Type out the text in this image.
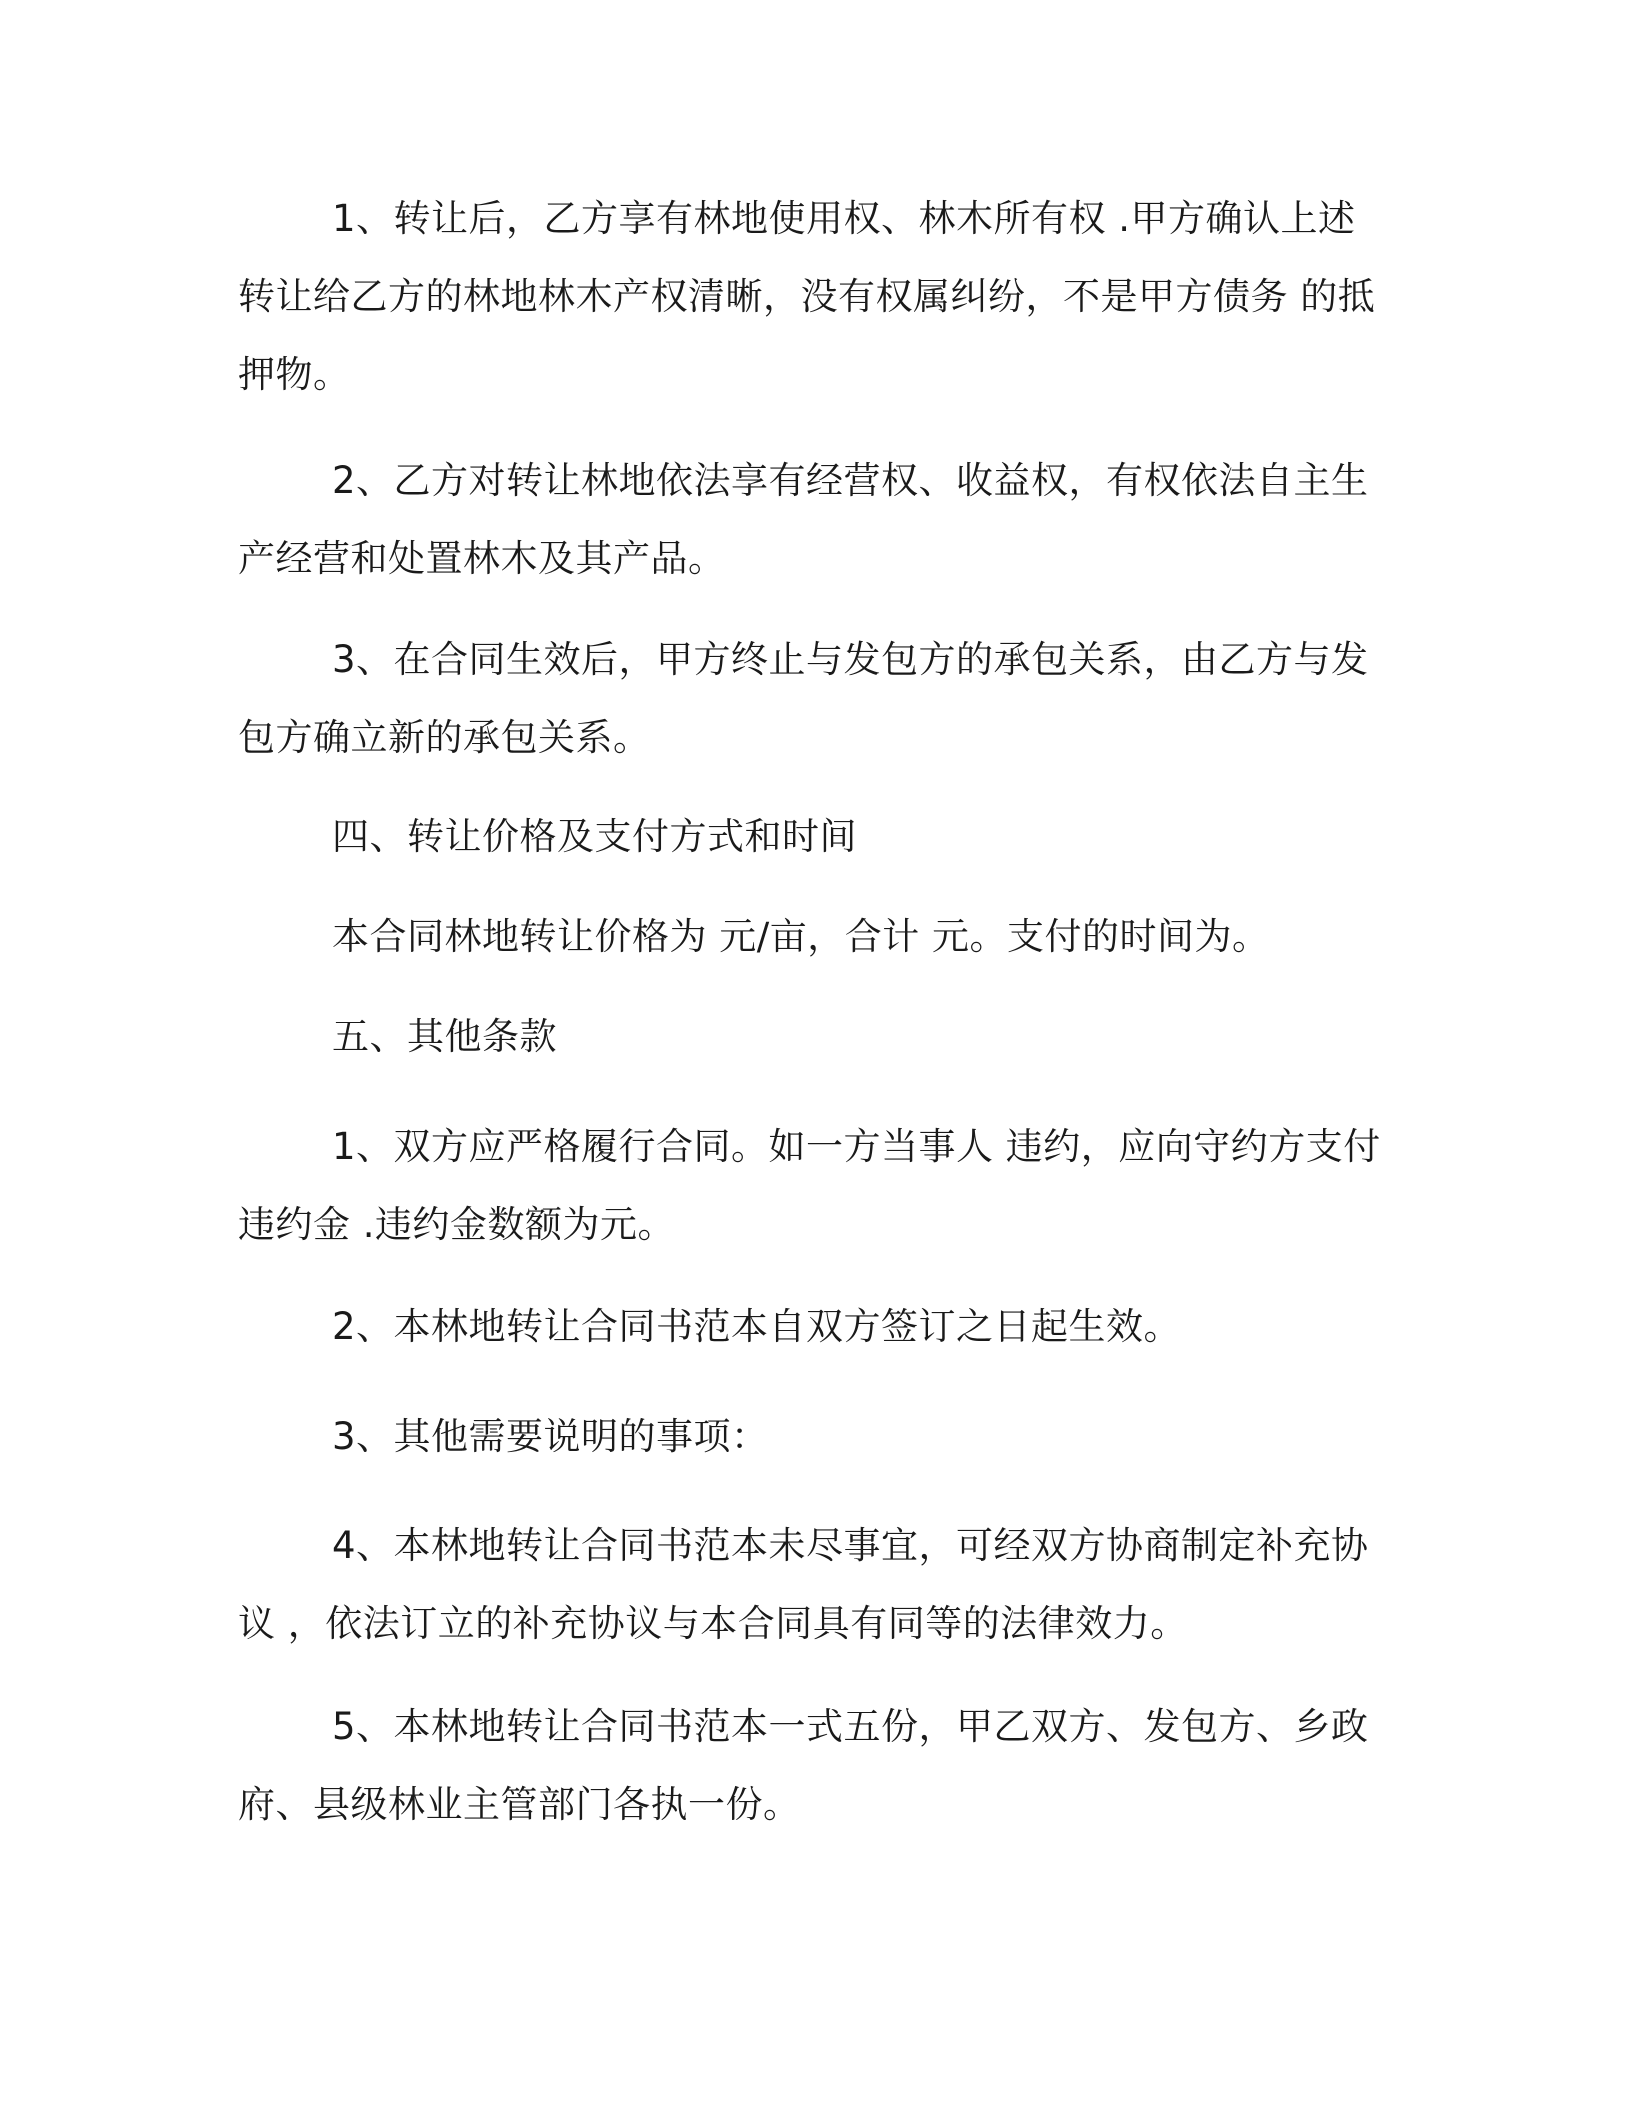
1、转让后，乙方享有林地使用权、林木所有权 .甲方确认上述转让给乙方的林地林木产权清晰，没有权属纠纷，不是甲方债务 的抵押物。

2、乙方对转让林地依法享有经营权、收益权，有权依法自主生产经营和处置林木及其产品。

3、在合同生效后，甲方终止与发包方的承包关系，由乙方与发包方确立新的承包关系。

四、转让价格及支付方式和时间

本合同林地转让价格为 元/亩，合计 元。支付的时间为。

五、其他条款

1、双方应严格履行合同。如一方当事人 违约，应向守约方支付违约金 .违约金数额为元。

2、本林地转让合同书范本自双方签订之日起生效。

3、其他需要说明的事项：

4、本林地转让合同书范本未尽事宜，可经双方协商制定补充协议 ，依法订立的补充协议与本合同具有同等的法律效力。

5、本林地转让合同书范本一式五份，甲乙双方、发包方、乡政府、县级林业主管部门各执一份。
